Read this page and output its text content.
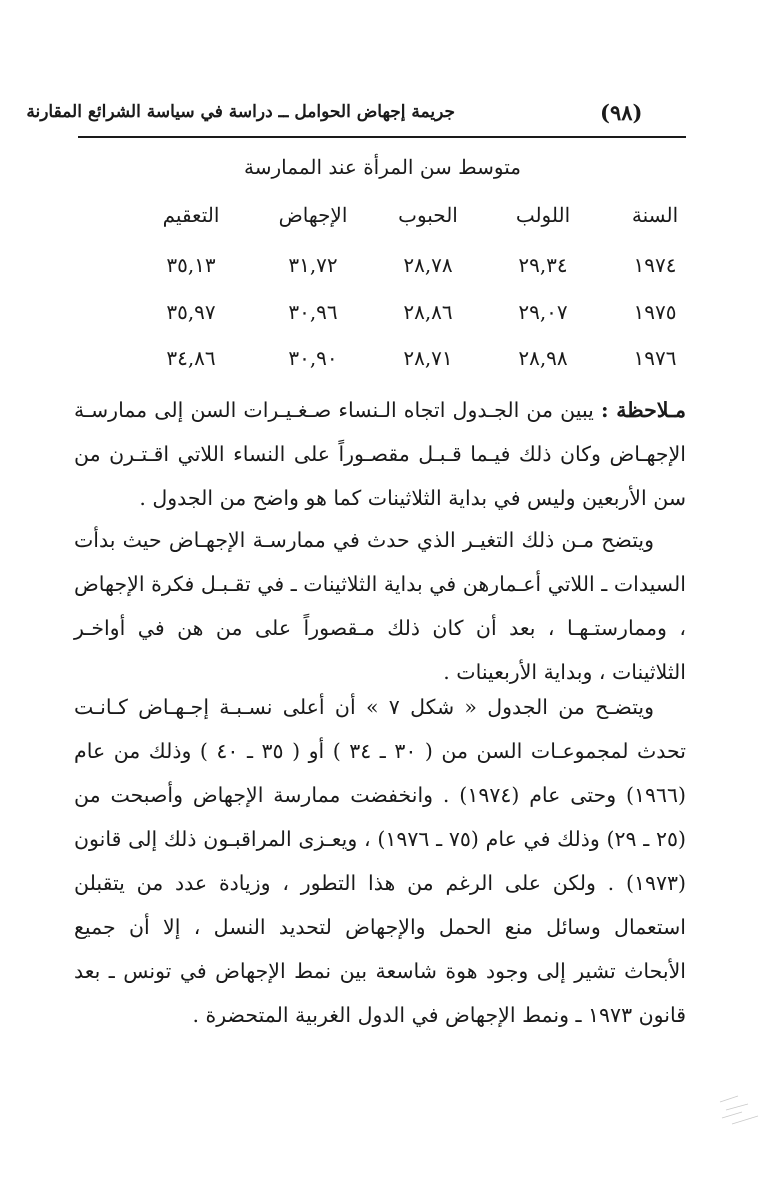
(٩٨)
جريمة إجهاض الحوامل ــ دراسة في سياسة الشرائع المقارنة
متوسط سن المرأة عند الممارسة
السنة
اللولب
الحبوب
الإجهاض
التعقيم
١٩٧٤
٢٩,٣٤
٢٨,٧٨
٣١,٧٢
٣٥,١٣
١٩٧٥
٢٩,٠٧
٢٨,٨٦
٣٠,٩٦
٣٥,٩٧
١٩٧٦
٢٨,٩٨
٢٨,٧١
٣٠,٩٠
٣٤,٨٦

مـلاحظة : يبين من الجـدول اتجاه الـنساء صـغـيـرات السن إلى ممارسـة الإجهـاض وكان ذلك فيـما قـبـل مقصـوراً على النساء اللاتي اقـتـرن من سن الأربعين وليس في بداية الثلاثينات كما هو واضح من الجدول .

ويتضح مـن ذلك التغيـر الذي حدث في ممارسـة الإجهـاض حيث بدأت السيدات ـ اللاتي أعـمارهن في بداية الثلاثينات ـ في تقـبـل فكرة الإجهاض ، وممارستـهـا ، بعد أن كان ذلك مـقصوراً على من هن في أواخـر الثلاثينات ، وبداية الأربعينات .

ويتضـح من الجدول « شكل ٧ » أن أعلى نسـبـة إجـهـاض كـانـت تحدث لمجموعـات السن من ( ٣٠ ـ ٣٤ ) أو ( ٣٥ ـ ٤٠ ) وذلك من عام (١٩٦٦) وحتى عام (١٩٧٤) . وانخفضت ممارسة الإجهاض وأصبحت من (٢٥ ـ ٢٩) وذلك في عام (٧٥ ـ ١٩٧٦) ، ويعـزى المراقبـون ذلك إلى قانون (١٩٧٣) . ولكن على الرغم من هذا التطور ، وزيادة عدد من يتقبلن استعمال وسائل منع الحمل والإجهاض لتحديد النسل ، إلا أن جميع الأبحاث تشير إلى وجود هوة شاسعة بين نمط الإجهاض في تونس ـ بعد قانون ١٩٧٣ ـ ونمط الإجهاض في الدول الغربية المتحضرة .
